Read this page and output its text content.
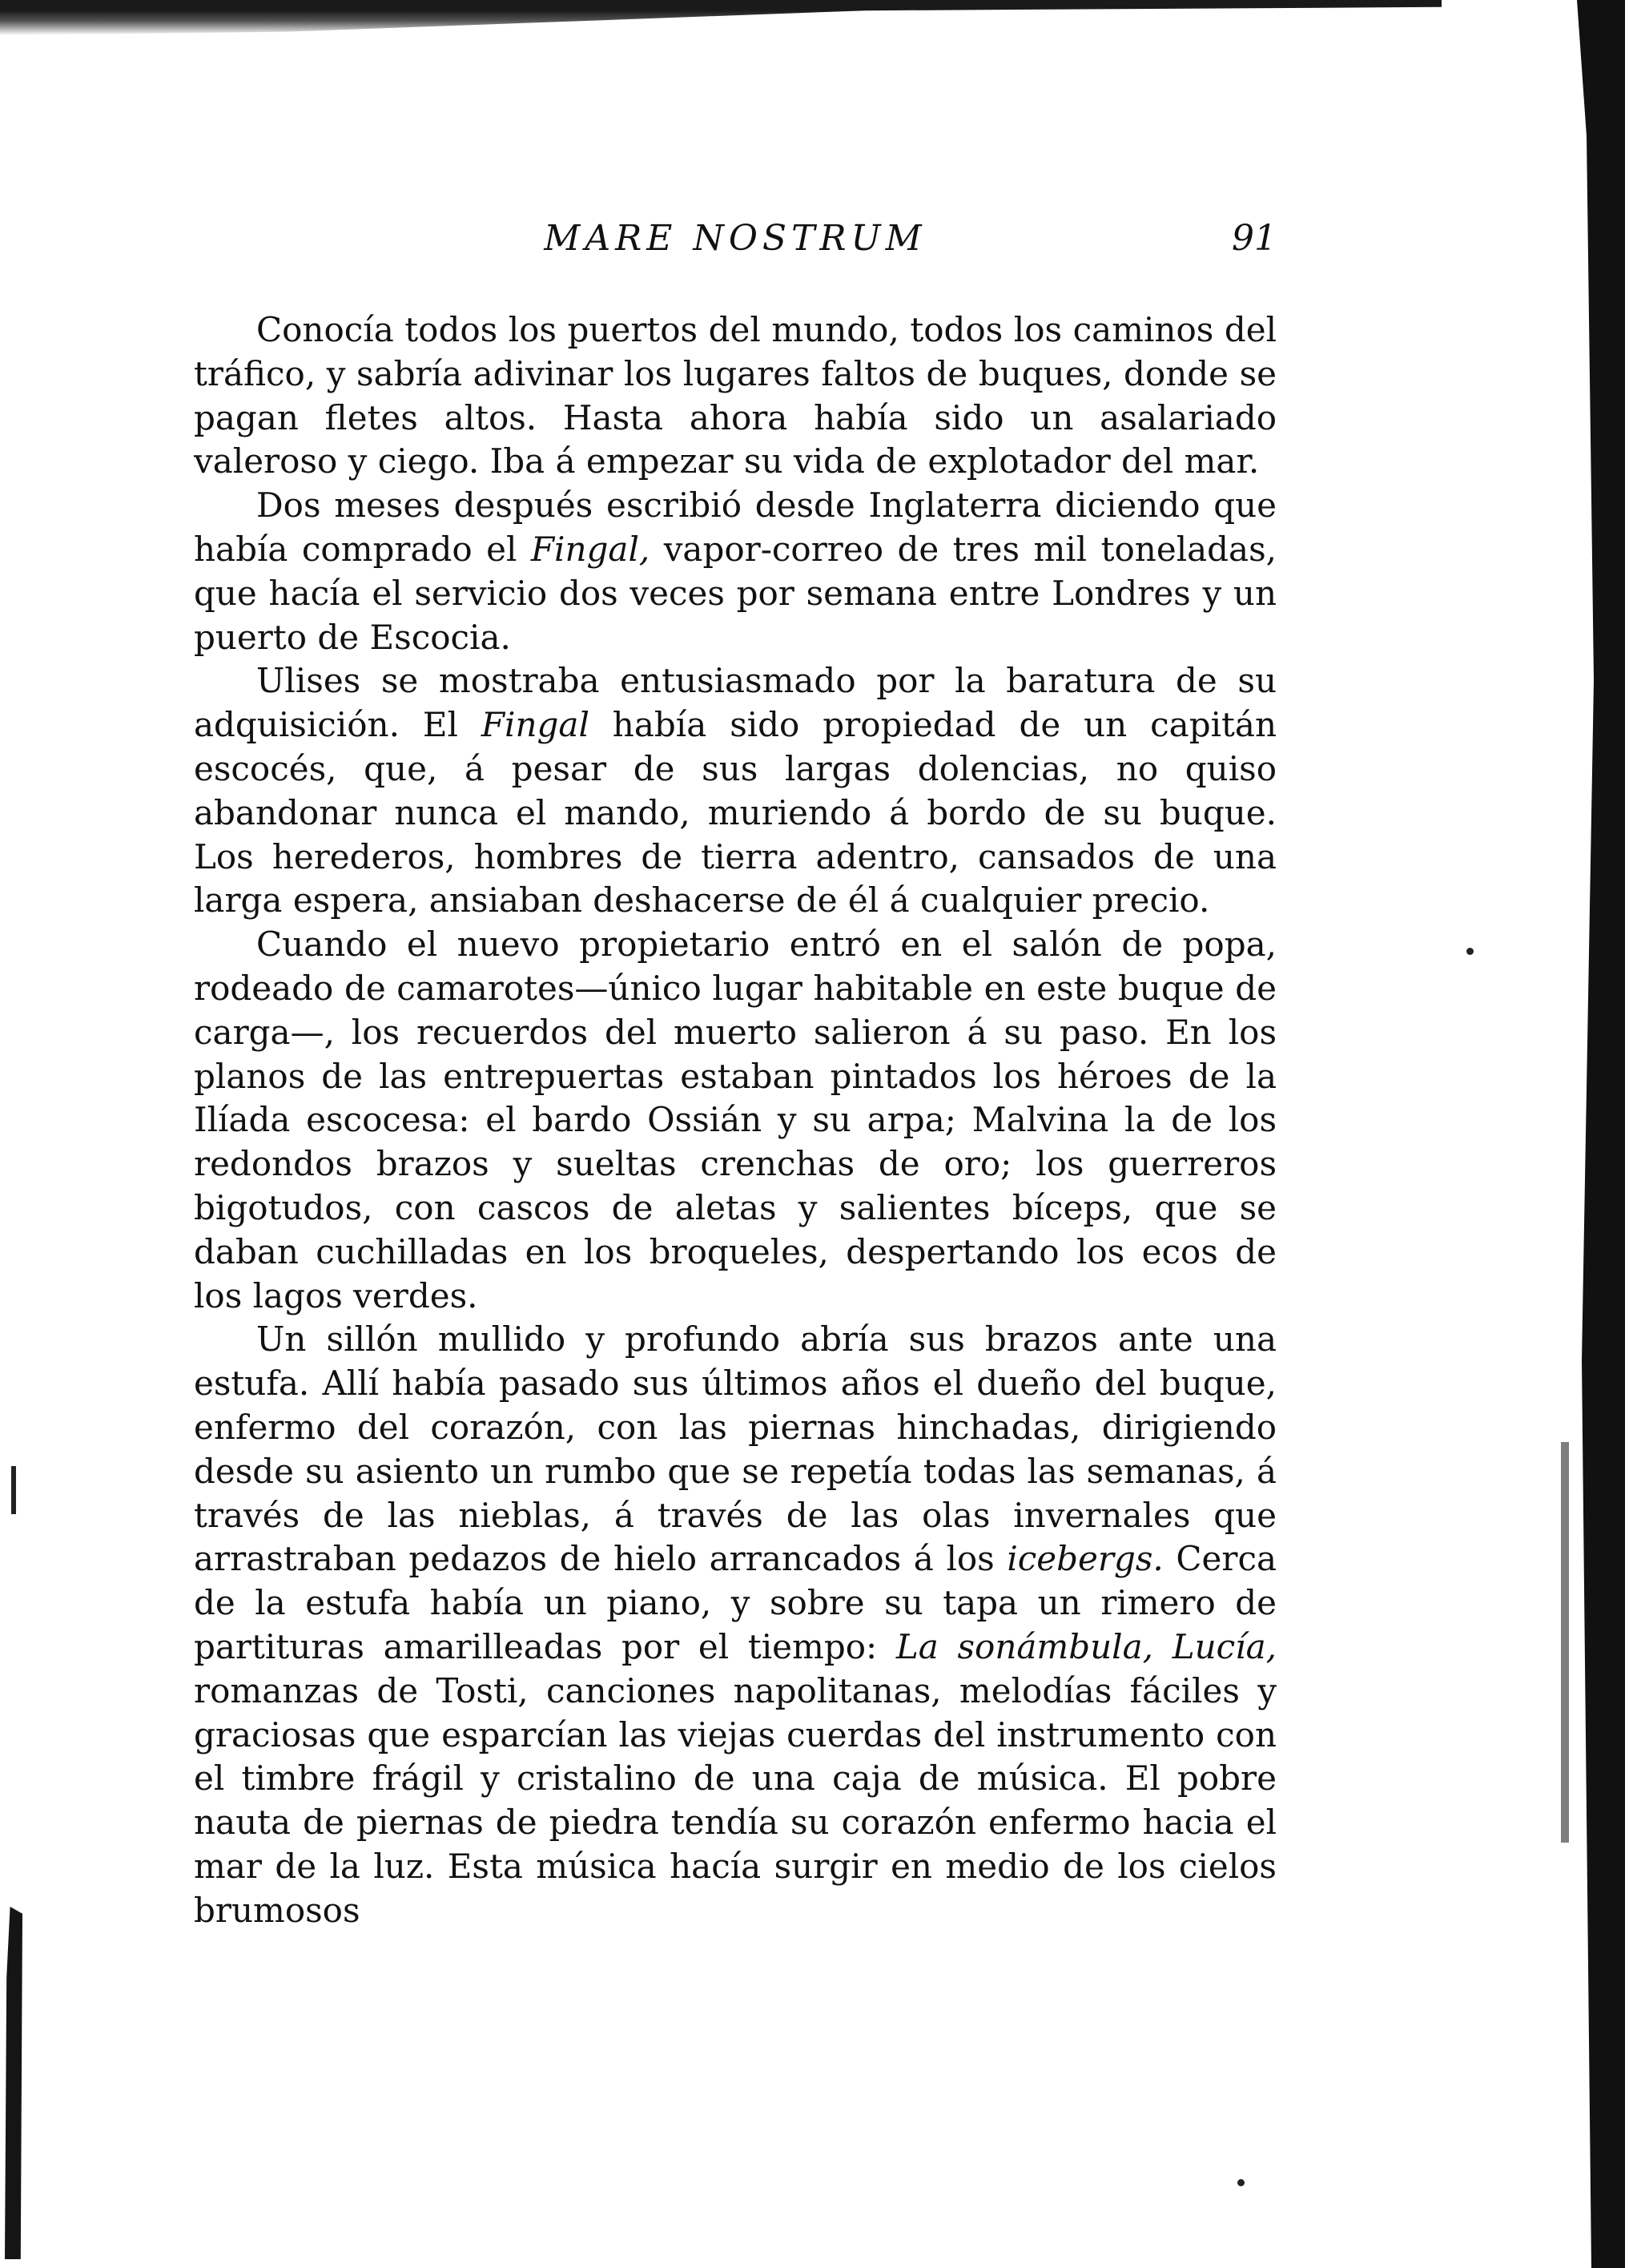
MARE NOSTRUM	91

Conocía todos los puertos del mundo, todos los caminos del tráfico, y sabría adivinar los lugares faltos de buques, donde se pagan fletes altos. Hasta ahora había sido un asalariado valeroso y ciego. Iba á empezar su vida de explotador del mar.

Dos meses después escribió desde Inglaterra diciendo que había comprado el Fingal, vapor-correo de tres mil toneladas, que hacía el servicio dos veces por semana entre Londres y un puerto de Escocia.

Ulises se mostraba entusiasmado por la baratura de su adquisición. El Fingal había sido propiedad de un capitán escocés, que, á pesar de sus largas dolencias, no quiso abandonar nunca el mando, muriendo á bordo de su buque. Los herederos, hombres de tierra adentro, cansados de una larga espera, ansiaban deshacerse de él á cualquier precio.

Cuando el nuevo propietario entró en el salón de popa, rodeado de camarotes—único lugar habitable en este buque de carga—, los recuerdos del muerto salieron á su paso. En los planos de las entrepuertas estaban pintados los héroes de la Ilíada escocesa: el bardo Ossián y su arpa; Malvina la de los redondos brazos y sueltas crenchas de oro; los guerreros bigotudos, con cascos de aletas y salientes bíceps, que se daban cuchilladas en los broqueles, despertando los ecos de los lagos verdes.

Un sillón mullido y profundo abría sus brazos ante una estufa. Allí había pasado sus últimos años el dueño del buque, enfermo del corazón, con las piernas hinchadas, dirigiendo desde su asiento un rumbo que se repetía todas las semanas, á través de las nieblas, á través de las olas invernales que arrastraban pedazos de hielo arrancados á los icebergs. Cerca de la estufa había un piano, y sobre su tapa un rimero de partituras amarilleadas por el tiempo: La sonámbula, Lucía, romanzas de Tosti, canciones napolitanas, melodías fáciles y graciosas que esparcían las viejas cuerdas del instrumento con el timbre frágil y cristalino de una caja de música. El pobre nauta de piernas de piedra tendía su corazón enfermo hacia el mar de la luz. Esta música hacía surgir en medio de los cielos brumosos
